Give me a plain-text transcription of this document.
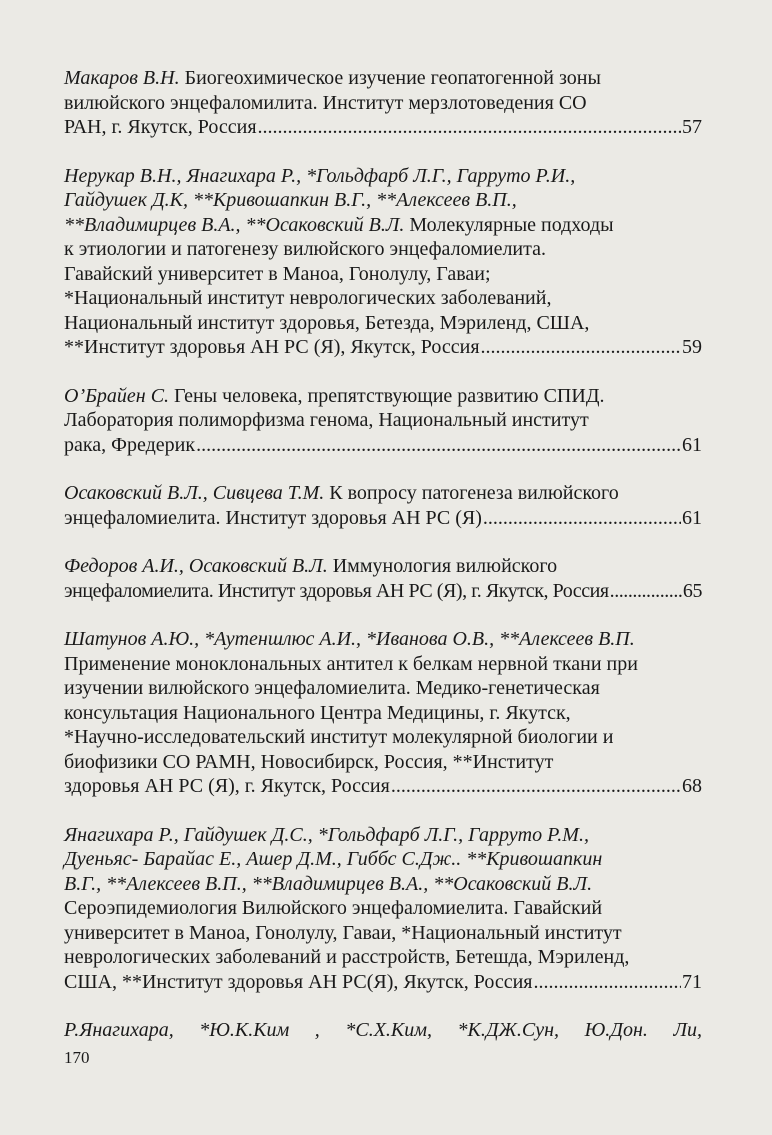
Макаров В.Н. Биогеохимическое изучение геопатогенной зоны
вилюйского энцефаломилита. Институт мерзлотоведения СО
РАН, г. Якутск, Россия .....	57
Нерукар В.Н., Янагихара Р., *Гольдфарб Л.Г., Гарруто Р.И.,
Гайдушек Д.К, **Кривошапкин В.Г., **Алексеев В.П.,
**Владимирцев В.А., **Осаковский В.Л. Молекулярные подходы
к этиологии и патогенезу вилюйского энцефаломиелита.
Гавайский университет в Маноа, Гонолулу, Гаваи;
*Национальный институт неврологических заболеваний,
Национальный институт здоровья, Бетезда, Мэриленд, США,
**Институт здоровья АН РС (Я), Якутск, Россия .....	59
О’Брайен С. Гены человека, препятствующие развитию СПИД.
Лаборатория полиморфизма генома, Национальный институт
рака, Фредерик .....	61
Осаковский В.Л., Сивцева Т.М. К вопросу патогенеза вилюйского
энцефаломиелита. Институт здоровья АН РС (Я) .....	61
Федоров А.И., Осаковский В.Л. Иммунология вилюйского
энцефаломиелита. Институт здоровья АН РС (Я), г. Якутск, Россия .....	65
Шатунов А.Ю., *Аутеншлюс А.И., *Иванова О.В., **Алексеев В.П.
Применение моноклональных антител к белкам нервной ткани при
изучении вилюйского энцефаломиелита. Медико-генетическая
консультация Национального Центра Медицины, г. Якутск,
*Научно-исследовательский институт молекулярной биологии и
биофизики СО РАМН, Новосибирск, Россия, **Институт
здоровья АН РС (Я), г. Якутск, Россия .....	68
Янагихара Р., Гайдушек Д.С., *Гольдфарб Л.Г., Гарруто Р.М.,
Дуеньяс- Барайас Е., Ашер Д.М., Гиббс С.Дж.. **Кривошапкин
В.Г., **Алексеев В.П., **Владимирцев В.А., **Осаковский В.Л.
Сероэпидемиология Вилюйского энцефаломиелита. Гавайский
университет в Маноа, Гонолулу, Гаваи, *Национальный институт
неврологических заболеваний и расстройств, Бетешда, Мэриленд,
США, **Институт здоровья АН РС(Я), Якутск, Россия .....	71
Р.Янагихара, *Ю.К.Ким , *С.Х.Ким, *К.ДЖ.Сун, Ю.Дон. Ли,
170
